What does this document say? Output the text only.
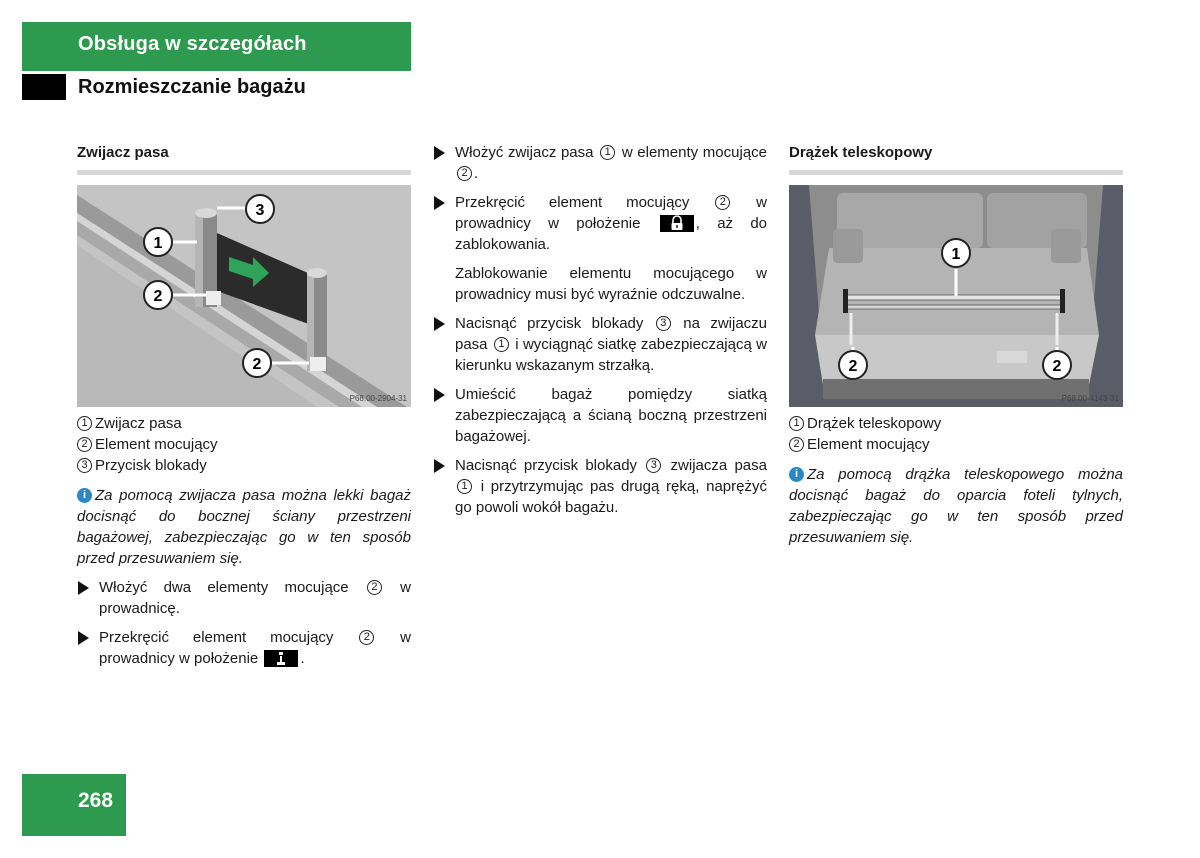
Obsługa w szczegółach
Rozmieszczanie bagażu
Zwijacz pasa
3
1
2
2
P68.00-2904-31
1 Zwijacz pasa
2 Element mocujący
3 Przycisk blokady
i Za pomocą zwijacza pasa można lekki bagaż docisnąć do bocznej ściany przestrzeni bagażowej, zabezpieczając go w ten sposób przed przesuwaniem się.
Włożyć dwa elementy mocujące 2 w prowadnicę.
Przekręcić element mocujący	2 w prowadnicy w położenie	.
Włożyć zwijacz pasa 1 w elementy mocujące 2 .
Przekręcić element mocujący	2 w prowadnicy w położenie	, aż do zablokowania.
Zablokowanie elementu mocującego w prowadnicy musi być wyraźnie odczuwalne.
Nacisnąć przycisk blokady 3 na zwijaczu pasa 1 i wyciągnąć siatkę zabezpieczającą w kierunku wskazanym strzałką.
Umieścić bagaż pomiędzy siatką zabezpieczającą a ścianą boczną przestrzeni bagażowej.
Nacisnąć przycisk blokady 3 zwijacza pasa 1 i przytrzymując pas drugą ręką, naprężyć go powoli wokół bagażu.
Drążek teleskopowy
1
2	2
P68.00-4143-31
1 Drążek teleskopowy
2 Element mocujący
i Za pomocą drążka teleskopowego można docisnąć bagaż do oparcia foteli tylnych, zabezpieczając go w ten sposób przed przesuwaniem się.
268
